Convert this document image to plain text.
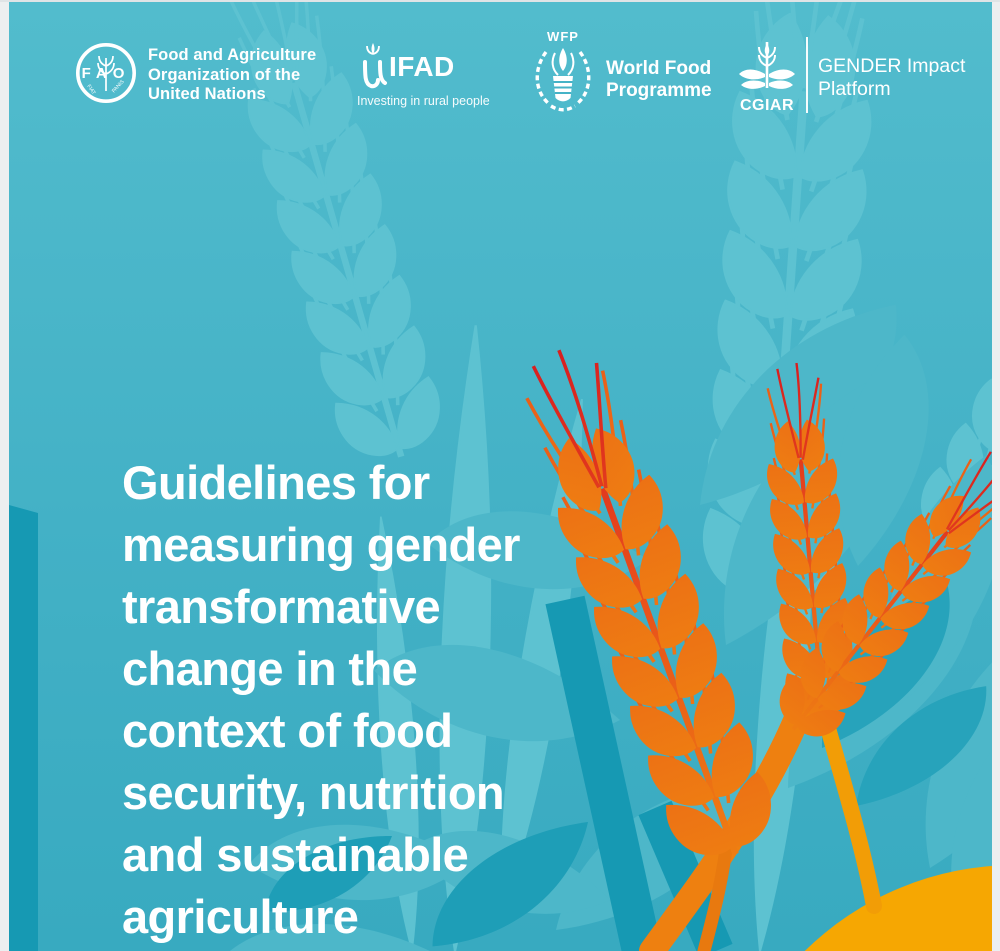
FAO
FIAT	PANIS
Food and Agriculture
Organization of the
United Nations
IFAD
Investing in rural people
WFP
World Food
Programme
CGIAR
GENDER Impact
Platform
Guidelines for
measuring gender
transformative
change in the
context of food
security, nutrition
and sustainable
agriculture
